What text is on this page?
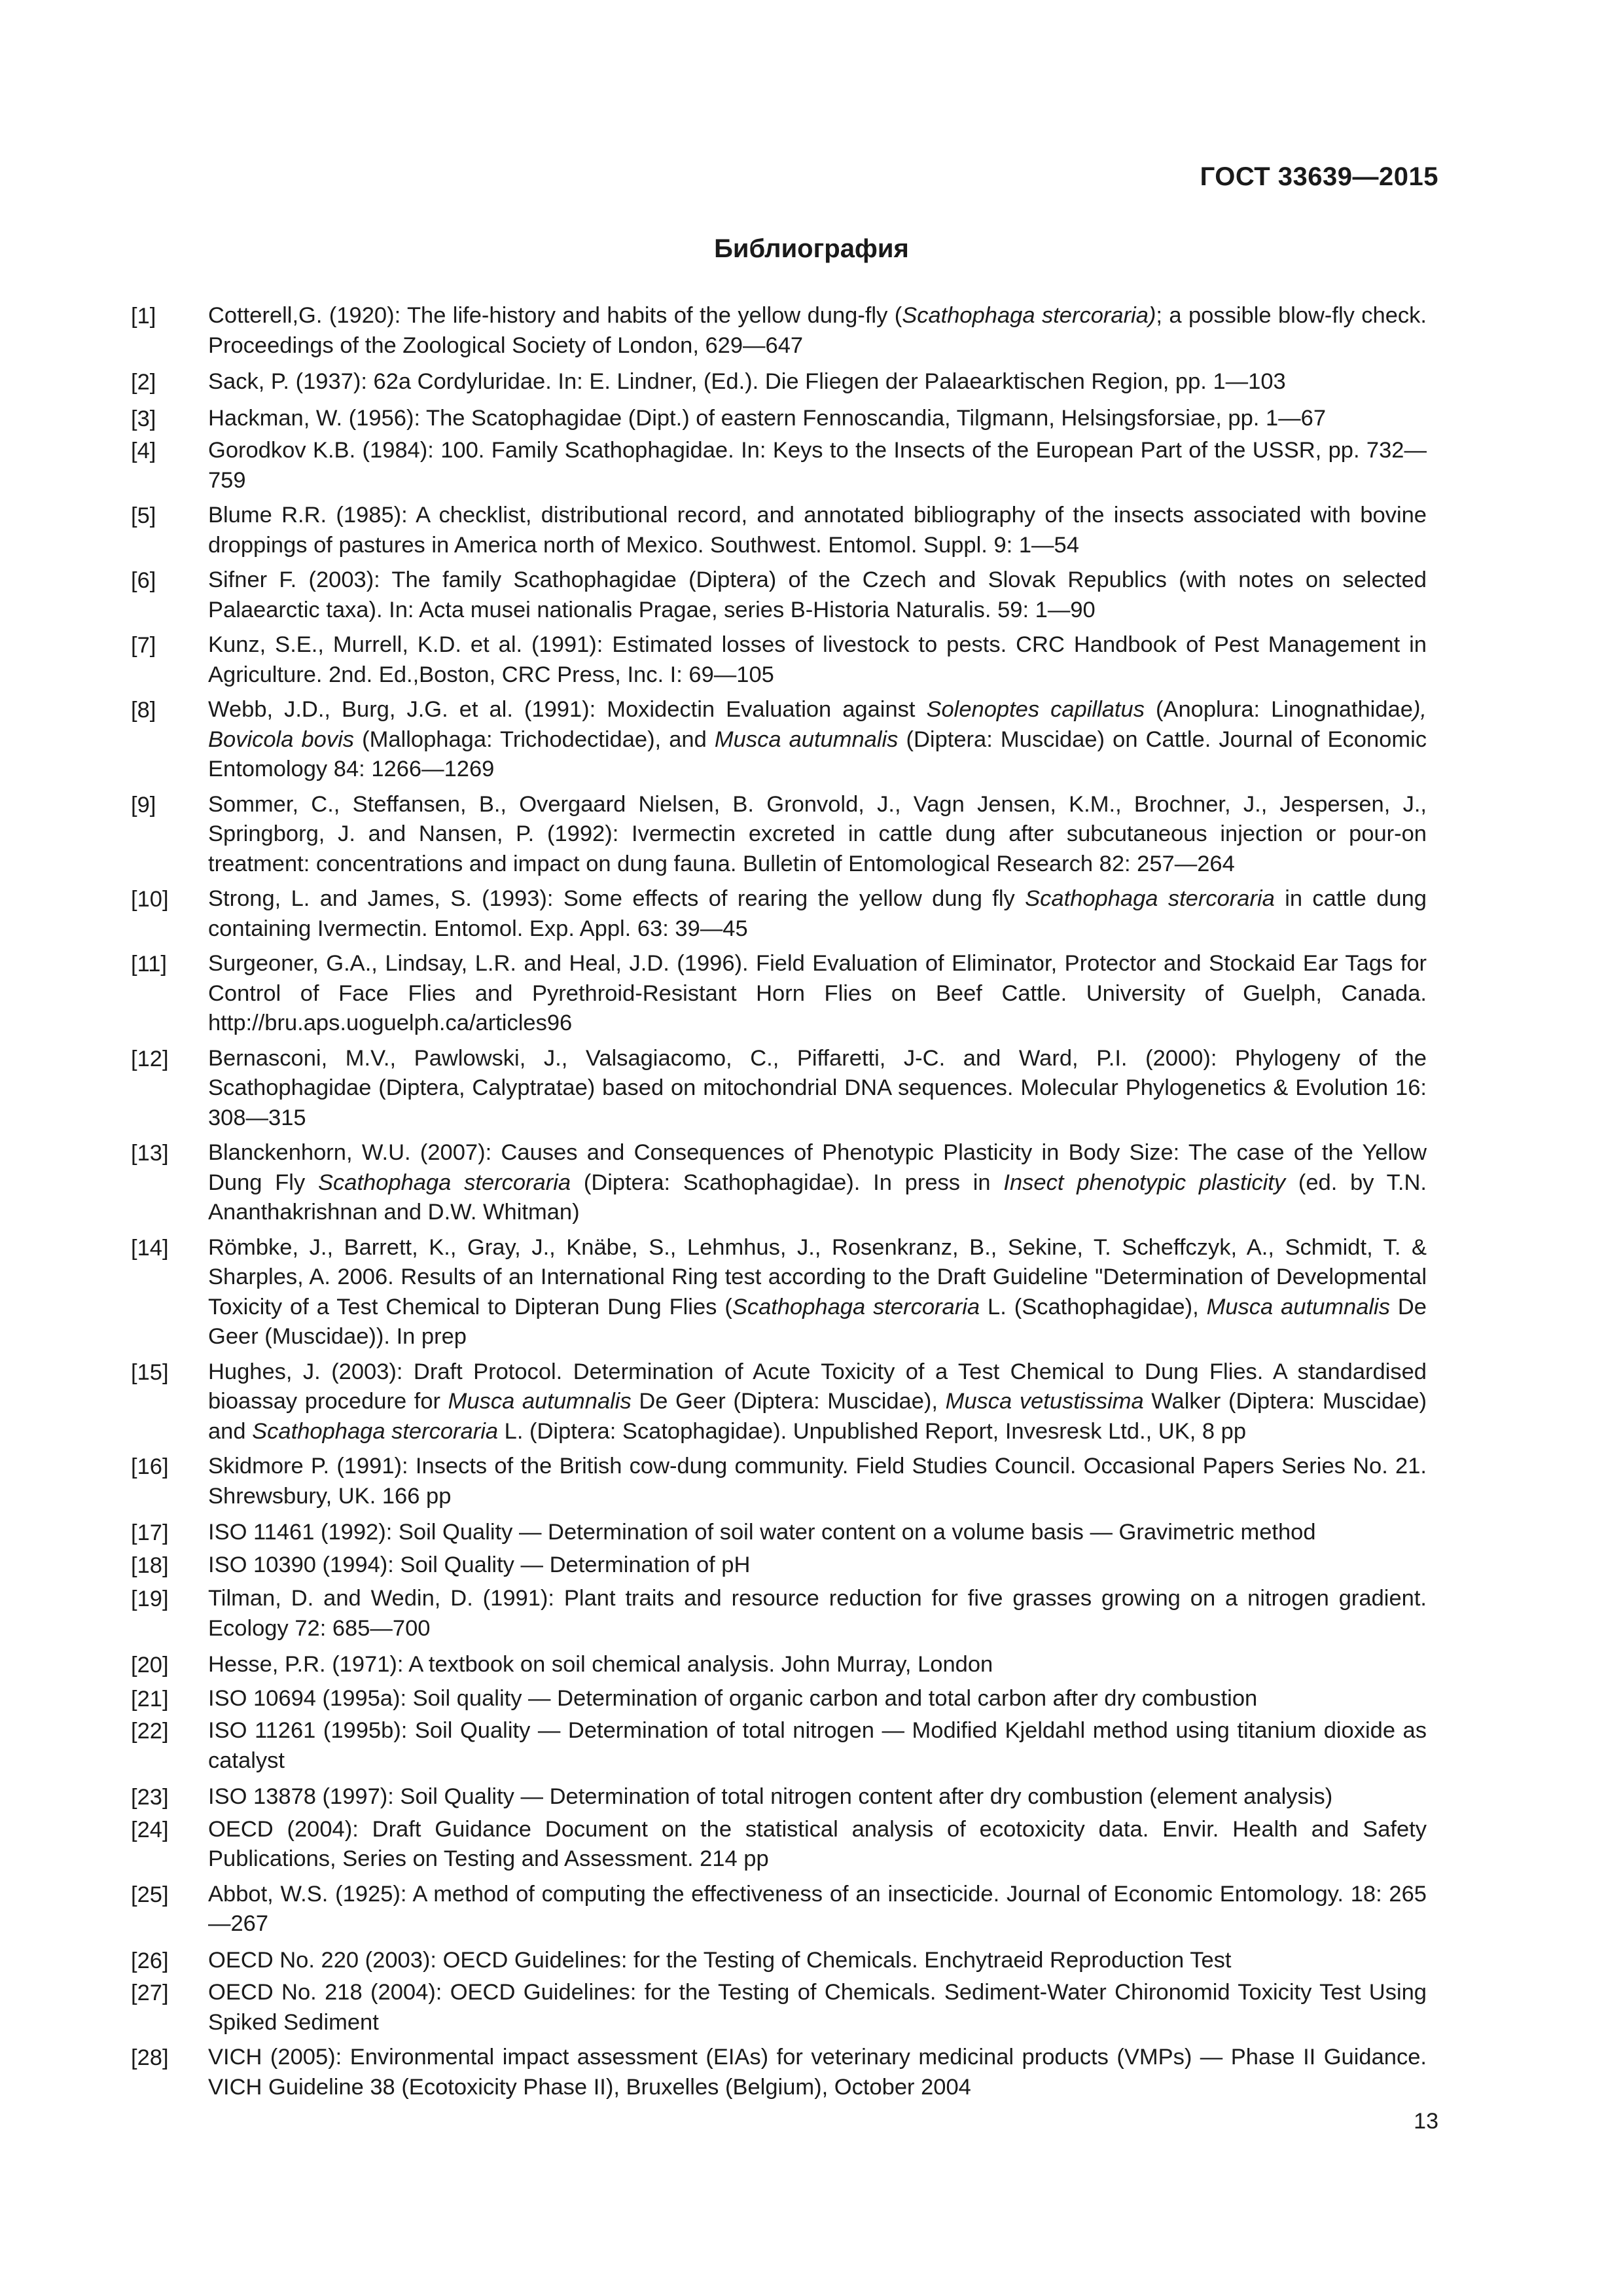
ГОСТ 33639—2015
Библиография
[1] Cotterell,G. (1920): The life-history and habits of the yellow dung-fly (Scathophaga stercoraria); a possible blow-fly check. Proceedings of the Zoological Society of London, 629—647
[2] Sack, P. (1937): 62a Cordyluridae. In: E. Lindner, (Ed.). Die Fliegen der Palaearktischen Region, pp. 1—103
[3] Hackman, W. (1956): The Scatophagidae (Dipt.) of eastern Fennoscandia, Tilgmann, Helsingsforsiae, pp. 1—67
[4] Gorodkov K.B. (1984): 100. Family Scathophagidae. In: Keys to the Insects of the European Part of the USSR, pp. 732—759
[5] Blume R.R. (1985): A checklist, distributional record, and annotated bibliography of the insects associated with bovine droppings of pastures in America north of Mexico. Southwest. Entomol. Suppl. 9: 1—54
[6] Sifner F. (2003): The family Scathophagidae (Diptera) of the Czech and Slovak Republics (with notes on selected Palaearctic taxa). In: Acta musei nationalis Pragae, series B-Historia Naturalis. 59: 1—90
[7] Kunz, S.E., Murrell, K.D. et al. (1991): Estimated losses of livestock to pests. CRC Handbook of Pest Management in Agriculture. 2nd. Ed.,Boston, CRC Press, Inc. I: 69—105
[8] Webb, J.D., Burg, J.G. et al. (1991): Moxidectin Evaluation against Solenoptes capillatus (Anoplura: Linognathidae), Bovicola bovis (Mallophaga: Trichodectidae), and Musca autumnalis (Diptera: Muscidae) on Cattle. Journal of Economic Entomology 84: 1266—1269
[9] Sommer, C., Steffansen, B., Overgaard Nielsen, B. Gronvold, J., Vagn Jensen, K.M., Brochner, J., Jespersen, J., Springborg, J. and Nansen, P. (1992): Ivermectin excreted in cattle dung after subcutaneous injection or pour-on treatment: concentrations and impact on dung fauna. Bulletin of Entomological Research 82: 257—264
[10] Strong, L. and James, S. (1993): Some effects of rearing the yellow dung fly Scathophaga stercoraria in cattle dung containing Ivermectin. Entomol. Exp. Appl. 63: 39—45
[11] Surgeoner, G.A., Lindsay, L.R. and Heal, J.D. (1996). Field Evaluation of Eliminator, Protector and Stockaid Ear Tags for Control of Face Flies and Pyrethroid-Resistant Horn Flies on Beef Cattle. University of Guelph, Canada. http://bru.aps.uoguelph.ca/articles96
[12] Bernasconi, M.V., Pawlowski, J., Valsagiacomo, C., Piffaretti, J-C. and Ward, P.I. (2000): Phylogeny of the Scathophagidae (Diptera, Calyptratae) based on mitochondrial DNA sequences. Molecular Phylogenetics & Evolution 16: 308—315
[13] Blanckenhorn, W.U. (2007): Causes and Consequences of Phenotypic Plasticity in Body Size: The case of the Yellow Dung Fly Scathophaga stercoraria (Diptera: Scathophagidae). In press in Insect phenotypic plasticity (ed. by T.N. Ananthakrishnan and D.W. Whitman)
[14] Römbke, J., Barrett, K., Gray, J., Knäbe, S., Lehmhus, J., Rosenkranz, B., Sekine, T. Scheffczyk, A., Schmidt, T. & Sharples, A. 2006. Results of an International Ring test according to the Draft Guideline "Determination of Developmental Toxicity of a Test Chemical to Dipteran Dung Flies (Scathophaga stercoraria L. (Scathophagidae), Musca autumnalis De Geer (Muscidae)). In prep
[15] Hughes, J. (2003): Draft Protocol. Determination of Acute Toxicity of a Test Chemical to Dung Flies. A standardised bioassay procedure for Musca autumnalis De Geer (Diptera: Muscidae), Musca vetustissima Walker (Diptera: Muscidae) and Scathophaga stercoraria L. (Diptera: Scatophagidae). Unpublished Report, Invesresk Ltd., UK, 8 pp
[16] Skidmore P. (1991): Insects of the British cow-dung community. Field Studies Council. Occasional Papers Series No. 21. Shrewsbury, UK. 166 pp
[17] ISO 11461 (1992): Soil Quality — Determination of soil water content on a volume basis — Gravimetric method
[18] ISO 10390 (1994): Soil Quality — Determination of pH
[19] Tilman, D. and Wedin, D. (1991): Plant traits and resource reduction for five grasses growing on a nitrogen gradient. Ecology 72: 685—700
[20] Hesse, P.R. (1971): A textbook on soil chemical analysis. John Murray, London
[21] ISO 10694 (1995a): Soil quality — Determination of organic carbon and total carbon after dry combustion
[22] ISO 11261 (1995b): Soil Quality — Determination of total nitrogen — Modified Kjeldahl method using titanium dioxide as catalyst
[23] ISO 13878 (1997): Soil Quality — Determination of total nitrogen content after dry combustion (element analysis)
[24] OECD (2004): Draft Guidance Document on the statistical analysis of ecotoxicity data. Envir. Health and Safety Publications, Series on Testing and Assessment. 214 pp
[25] Abbot, W.S. (1925): A method of computing the effectiveness of an insecticide. Journal of Economic Entomology. 18: 265—267
[26] OECD No. 220 (2003): OECD Guidelines: for the Testing of Chemicals. Enchytraeid Reproduction Test
[27] OECD No. 218 (2004): OECD Guidelines: for the Testing of Chemicals. Sediment-Water Chironomid Toxicity Test Using Spiked Sediment
[28] VICH (2005): Environmental impact assessment (EIAs) for veterinary medicinal products (VMPs) — Phase II Guidance. VICH Guideline 38 (Ecotoxicity Phase II), Bruxelles (Belgium), October 2004
13
